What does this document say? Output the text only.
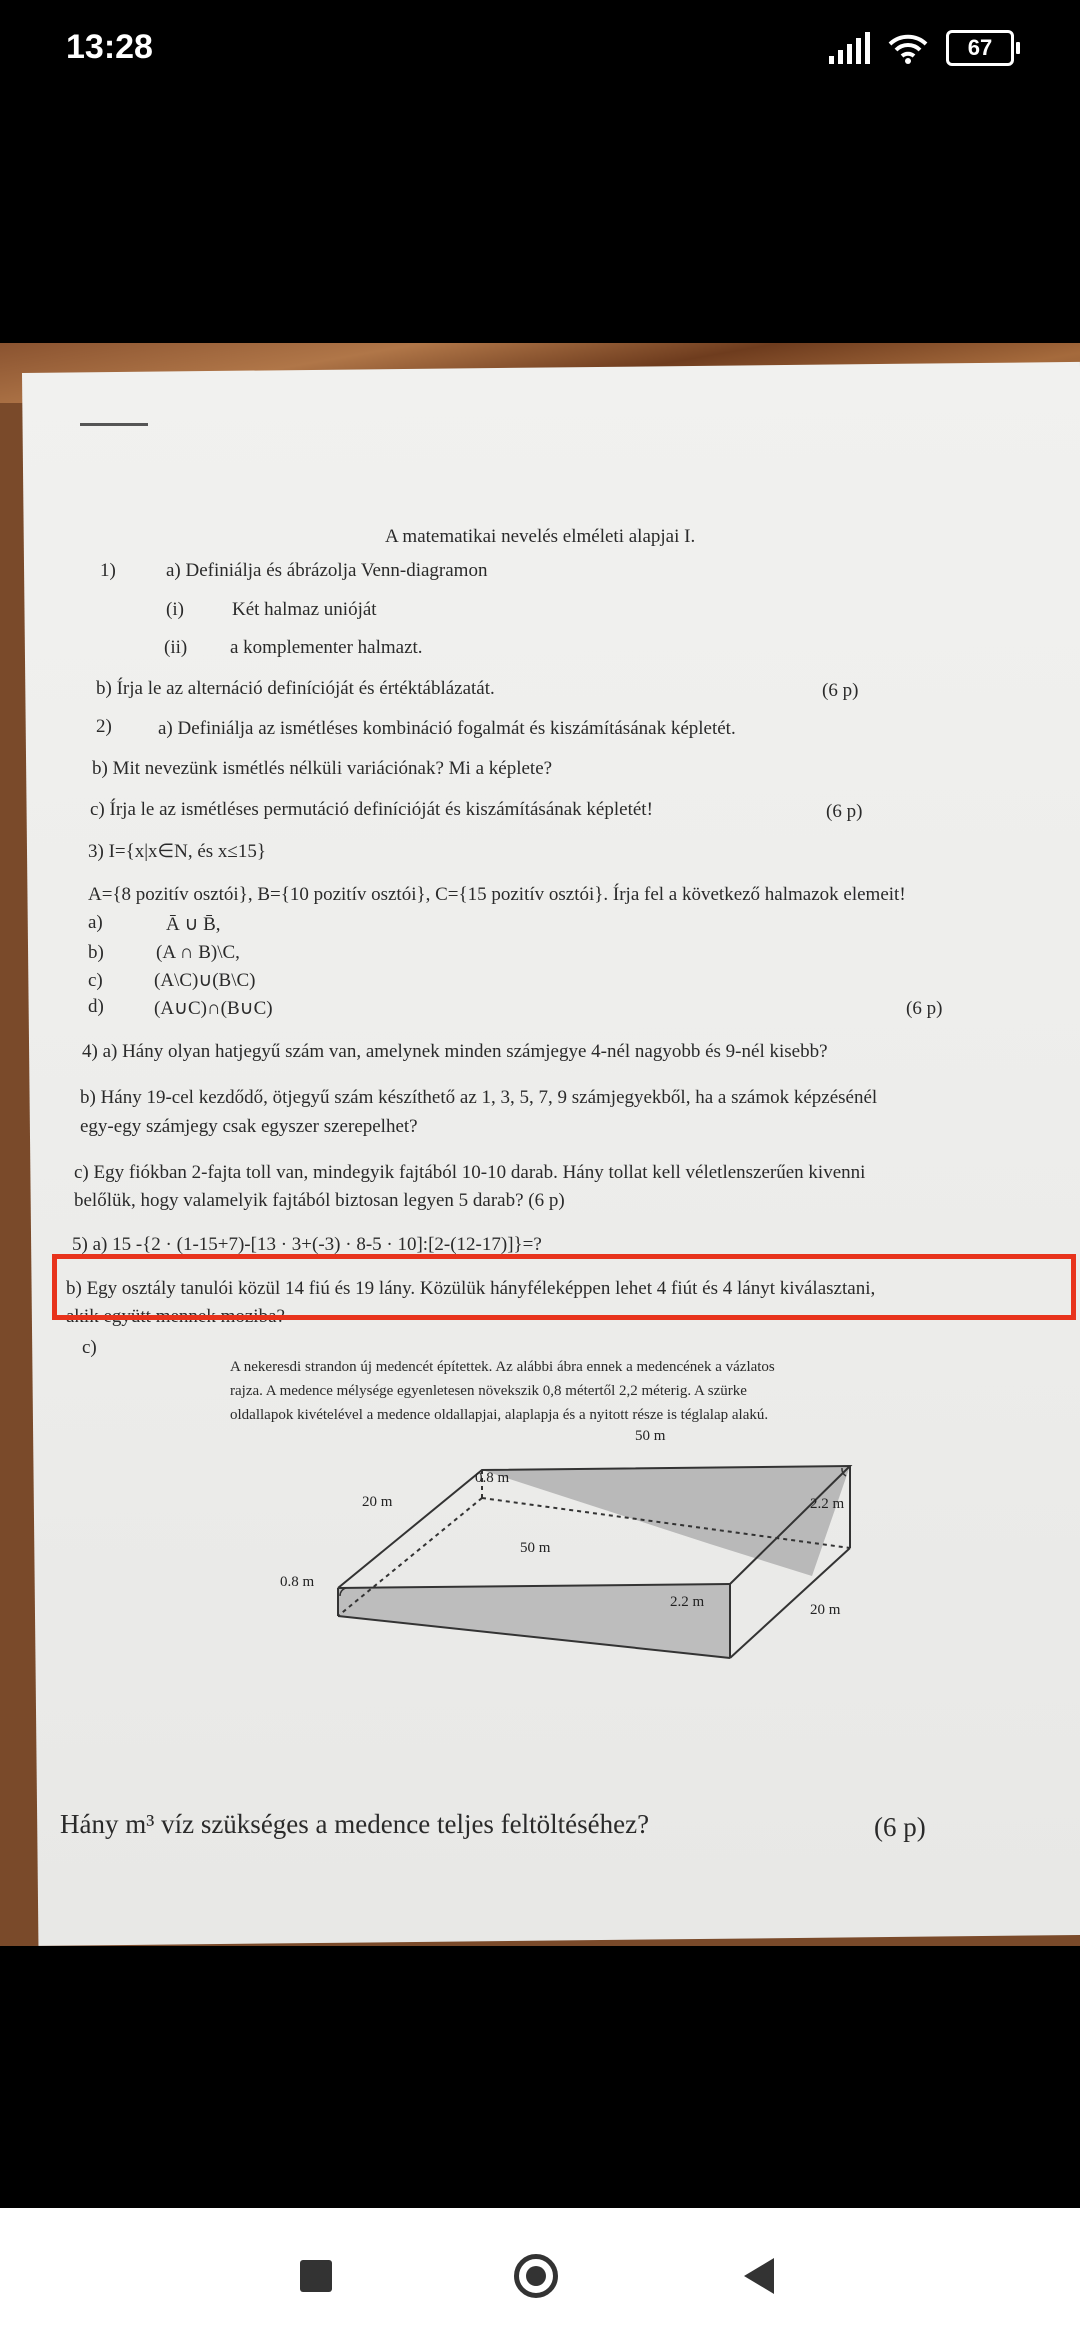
13:28	67
A matematikai nevelés elméleti alapjai I.
50 m
0.8 m
20 m	2.2 m
50 m
0.8 m
2.2 m	20 m
1)	a) Definiálja és ábrázolja Venn-diagramon
(i)	Két halmaz unióját
(ii) a komplementer halmazt.
b) Írja le az alternáció definícióját és értéktáblázatát.	(6 p)
2) a) Definiálja az ismétléses kombináció fogalmát és kiszámításának képletét.
b) Mit nevezünk ismétlés nélküli variációnak? Mi a képlete?
c) Írja le az ismétléses permutáció definícióját és kiszámításának képletét!	(6 p)
3) I={x|x∈N, és x≤15}
A={8 pozitív osztói}, B={10 pozitív osztói}, C={15 pozitív osztói}. Írja fel a következő halmazok elemeit!
a)	Ā ∪ B̄,
b)	(A ∩ B)\C,
c)	(A\C)∪(B\C)
d)	(A∪C)∩(B∪C)	(6 p)
4) a) Hány olyan hatjegyű szám van, amelynek minden számjegye 4-nél nagyobb és 9-nél kisebb?
b) Hány 19-cel kezdődő, ötjegyű szám készíthető az 1, 3, 5, 7, 9 számjegyekből, ha a számok képzésénél
egy-egy számjegy csak egyszer szerepelhet?
c) Egy fiókban 2-fajta toll van, mindegyik fajtából 10-10 darab. Hány tollat kell véletlenszerűen kivenni
belőlük, hogy valamelyik fajtából biztosan legyen 5 darab? (6 p)
5) a) 15 -{2 · (1-15+7)-[13 · 3+(-3) · 8-5 · 10]:[2-(12-17)]}=?
b) Egy osztály tanulói közül 14 fiú és 19 lány. Közülük hányféleképpen lehet 4 fiút és 4 lányt kiválasztani,
akik együtt mennek moziba?
c)
A nekeresdi strandon új medencét építettek. Az alábbi ábra ennek a medencének a vázlatos
rajza. A medence mélysége egyenletesen növekszik 0,8 métertől 2,2 méterig. A szürke
oldallapok kivételével a medence oldallapjai, alaplapja és a nyitott része is téglalap alakú.
Hány m³ víz szükséges a medence teljes feltöltéséhez?	(6 p)
